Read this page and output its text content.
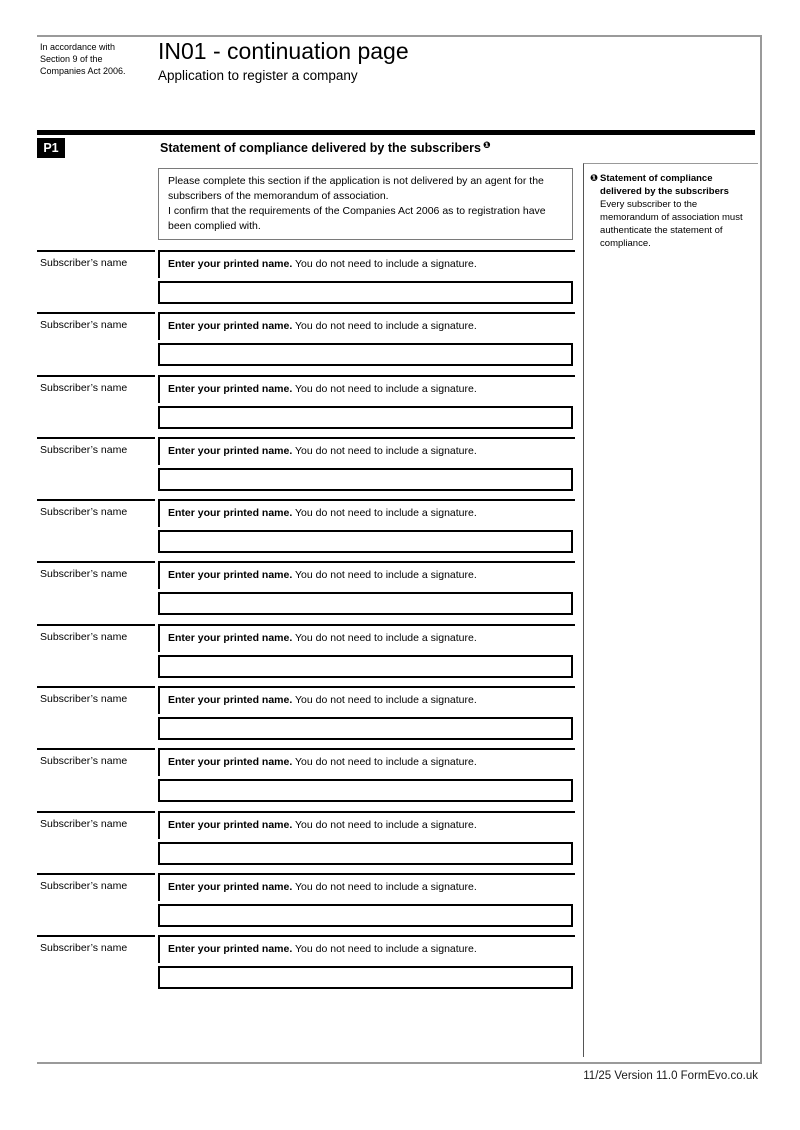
In accordance with
Section 9 of the
Companies Act 2006.
IN01 - continuation page
Application to register a company
P1	Statement of compliance delivered by the subscribers $^❶$
Please complete this section if the application is not delivered by an agent for the subscribers of the memorandum of association.
I confirm that the requirements of the Companies Act 2006 as to registration have been complied with.
❶ Statement of compliance delivered by the subscribers
Every subscriber to the memorandum of association must authenticate the statement of compliance.
Subscriber’s name	Enter your printed name. You do not need to include a signature.
Subscriber’s name	Enter your printed name. You do not need to include a signature.
Subscriber’s name	Enter your printed name. You do not need to include a signature.
Subscriber’s name	Enter your printed name. You do not need to include a signature.
Subscriber’s name	Enter your printed name. You do not need to include a signature.
Subscriber’s name	Enter your printed name. You do not need to include a signature.
Subscriber’s name	Enter your printed name. You do not need to include a signature.
Subscriber’s name	Enter your printed name. You do not need to include a signature.
Subscriber’s name	Enter your printed name. You do not need to include a signature.
Subscriber’s name	Enter your printed name. You do not need to include a signature.
Subscriber’s name	Enter your printed name. You do not need to include a signature.
Subscriber’s name	Enter your printed name. You do not need to include a signature.
11/25 Version 11.0 FormEvo.co.uk
